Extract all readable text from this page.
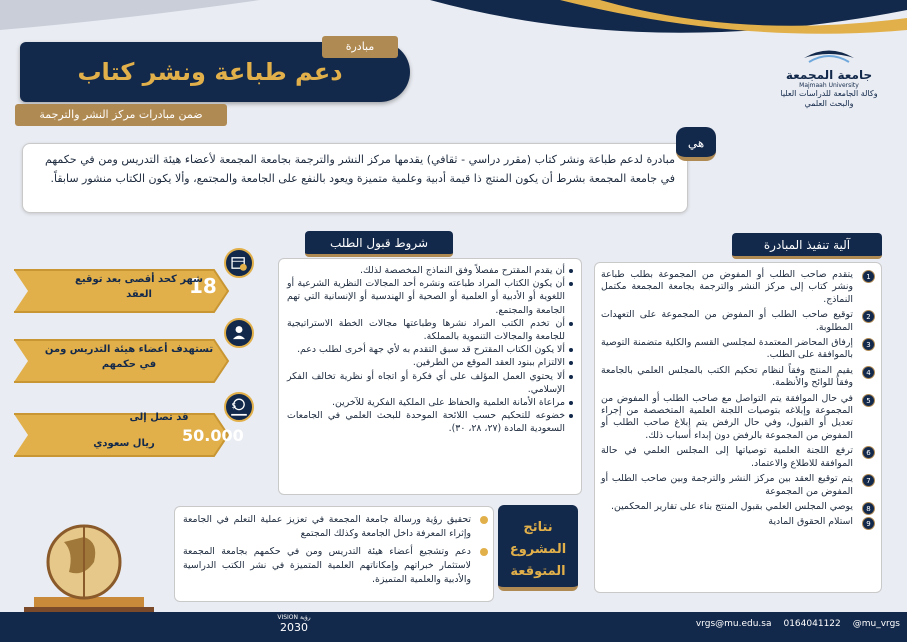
جامعة المجمعة
Majmaah University
وكالة الجامعة للدراسات العليا
والبحث العلمي
دعم طباعة ونشر كتاب
مبادرة
ضمن مبادرات مركز النشر والترجمة
مبادرة لدعم طباعة ونشر كتاب (مقرر دراسي - ثقافي) يقدمها مركز النشر والترجمة بجامعة المجمعة لأعضاء هيئة التدريس ومن في حكمهم في جامعة المجمعة بشرط أن يكون المنتج ذا قيمة أدبية وعلمية متميزة ويعود بالنفع على الجامعة والمجتمع، وألا يكون الكتاب منشور سابقاً.
هي
شروط قبول الطلب
أن يقدم المقترح مفصلاً وفق النماذج المخصصة لذلك.
أن يكون الكتاب المراد طباعته ونشره أحد المجالات النظرية الشرعية أو اللغوية أو الأدبية أو العلمية أو الصحية أو الهندسية أو الإنسانية التي تهم الجامعة والمجتمع.
أن تخدم الكتب المراد نشرها وطباعتها مجالات الخطة الاستراتيجية للجامعة والمجالات التنموية بالمملكة.
ألا يكون الكتاب المقترح قد سبق التقدم به لأي جهة أخرى لطلب دعم.
الالتزام ببنود العقد الموقع من الطرفين.
ألا يحتوي العمل المؤلف على أي فكرة أو اتجاه أو نظرية تخالف الفكر الإسلامي.
مراعاة الأمانة العلمية والحفاظ على الملكية الفكرية للآخرين.
خضوعه للتحكيم حسب اللائحة الموحدة للبحث العلمي في الجامعات السعودية المادة (٢٧، ٢٨، ٣٠).
آلية تنفيذ المبادرة
1
يتقدم صاحب الطلب أو المفوض من المجموعة بطلب طباعة ونشر كتاب إلى مركز النشر والترجمة بجامعة المجمعة مكتمل النماذج.
2
توقيع صاحب الطلب أو المفوض من المجموعة على التعهدات المطلوبة.
3
إرفاق المحاضر المعتمدة لمجلسي القسم والكلية متضمنة التوصية بالموافقة على الطلب.
4
يقيم المنتج وفقاً لنظام تحكيم الكتب بالمجلس العلمي بالجامعة وفقاً للوائح والأنظمة.
5
في حال الموافقة يتم التواصل مع صاحب الطلب أو المفوض من المجموعة وإبلاغه بتوصيات اللجنة العلمية المتخصصة من إجراء تعديل أو القبول، وفي حال الرفض يتم إبلاغ صاحب الطلب أو المفوض من المجموعة بالرفض دون إبداء أسباب ذلك.
6
ترفع اللجنة العلمية توصياتها إلى المجلس العلمي في حالة الموافقة للاطلاع والاعتماد.
7
يتم توقيع العقد بين مركز النشر والترجمة وبين صاحب الطلب أو المفوض من المجموعة
8
يوصي المجلس العلمي بقبول المنتج بناء على تقارير المحكمين.
9
استلام الحقوق المادية
18
شهر كحد أقصى بعد توقيع العقد
تستهدف أعضاء هيئة التدريس ومن في حكمهم
قد تصل إلى
50.000
ريال سعودي
$
تحقيق رؤية ورسالة جامعة المجمعة في تعزيز عملية التعلم في الجامعة وإثراء المعرفة داخل الجامعة وكذلك المجتمع
دعم وتشجيع أعضاء هيئة التدريس ومن في حكمهم بجامعة المجمعة لاستثمار خبراتهم وإمكاناتهم العلمية المتميزة في نشر الكتب الدراسية والأدبية والعلمية المتميزة.
نتائج
المشروع
المتوقعة
vrgs@mu.edu.sa 0164041122 @mu_vrgs
VISION رؤية
2030
